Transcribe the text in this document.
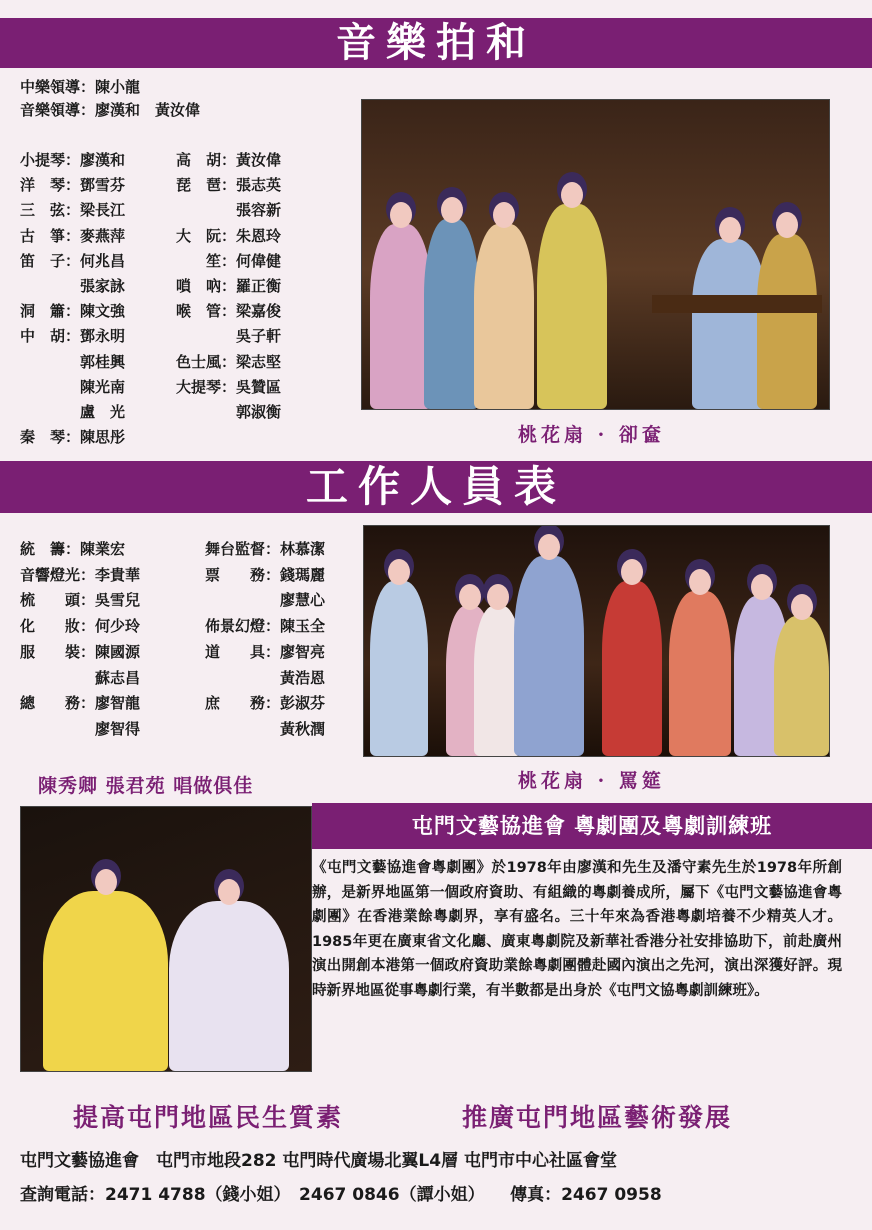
音樂拍和
中樂領導：陳小龍
音樂領導：廖漢和　黃汝偉
小提琴：廖漢和	高　胡：黃汝偉
洋　琴：鄧雪芬	琵　琶：張志英
三　弦：梁長江	　　　　張容新
古　箏：麥燕萍	大　阮：朱恩玲
笛　子：何兆昌	　　笙：何偉健
　　　　張家詠	嗩　吶：羅正衡
洞　簫：陳文強	喉　管：梁嘉俊
中　胡：鄧永明	　　　　吳子軒
　　　　郭桂興	色士風：梁志堅
　　　　陳光南	大提琴：吳贊區
　　　　盧　光	　　　　郭淑衡
秦　琴：陳思彤	桃花扇 · 卻奩
工作人員表
統　籌：陳業宏	舞台監督：林慕潔
音響燈光：李貴華	票　　務：錢瑪麗
梳　　頭：吳雪兒	　　　　　廖慧心
化　　妝：何少玲	佈景幻燈：陳玉全
服　　裝：陳國源	道　　具：廖智亮
　　　　　蘇志昌	　　　　　黃浩恩
總　　務：廖智龍	庶　　務：彭淑芬
　　　　　廖智得	　　　　　黃秋潤
桃花扇 · 罵筵
陳秀卿 張君苑 唱做俱佳
屯門文藝協進會 粵劇團及粵劇訓練班
《屯門文藝協進會粵劇團》於1978年由廖漢和先生及潘守素先生於1978年所創辦，是新界地區第一個政府資助、有組織的粵劇養成所，屬下《屯門文藝協進會粵劇團》在香港業餘粵劇界，享有盛名。三十年來為香港粵劇培養不少精英人才。1985年更在廣東省文化廳、廣東粵劇院及新華社香港分社安排協助下，前赴廣州演出開創本港第一個政府資助業餘粵劇團體赴國內演出之先河，演出深獲好評。現時新界地區從事粵劇行業，有半數都是出身於《屯門文協粵劇訓練班》。
提高屯門地區民生質素	推廣屯門地區藝術發展
屯門文藝協進會　屯門市地段282 屯門時代廣場北翼L4層 屯門市中心社區會堂
查詢電話：2471 4788（錢小姐）　2467 0846（譚小姐）　　傳真：2467 0958
